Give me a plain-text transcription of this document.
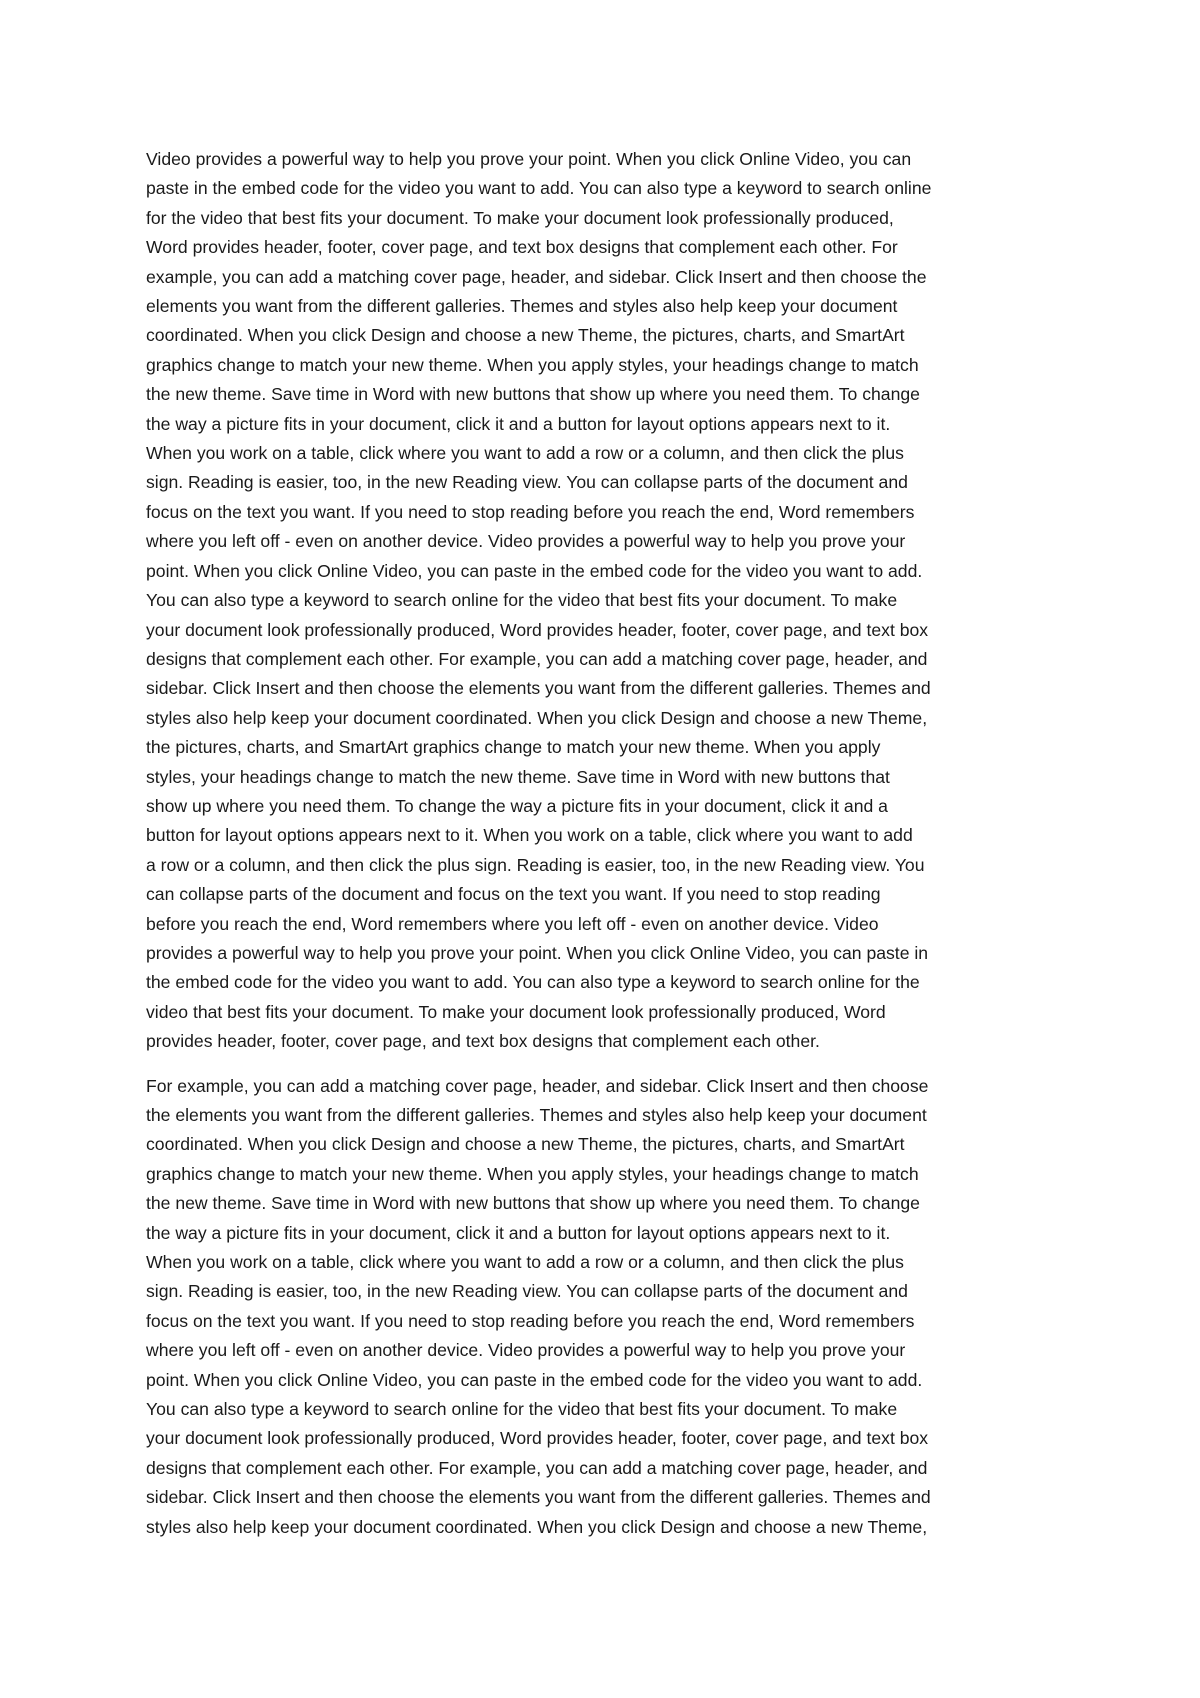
Video provides a powerful way to help you prove your point. When you click Online Video, you can
paste in the embed code for the video you want to add. You can also type a keyword to search online
for the video that best fits your document. To make your document look professionally produced,
Word provides header, footer, cover page, and text box designs that complement each other. For
example, you can add a matching cover page, header, and sidebar. Click Insert and then choose the
elements you want from the different galleries. Themes and styles also help keep your document
coordinated. When you click Design and choose a new Theme, the pictures, charts, and SmartArt
graphics change to match your new theme. When you apply styles, your headings change to match
the new theme. Save time in Word with new buttons that show up where you need them. To change
the way a picture fits in your document, click it and a button for layout options appears next to it.
When you work on a table, click where you want to add a row or a column, and then click the plus
sign. Reading is easier, too, in the new Reading view. You can collapse parts of the document and
focus on the text you want. If you need to stop reading before you reach the end, Word remembers
where you left off - even on another device. Video provides a powerful way to help you prove your
point. When you click Online Video, you can paste in the embed code for the video you want to add.
You can also type a keyword to search online for the video that best fits your document. To make
your document look professionally produced, Word provides header, footer, cover page, and text box
designs that complement each other. For example, you can add a matching cover page, header, and
sidebar. Click Insert and then choose the elements you want from the different galleries. Themes and
styles also help keep your document coordinated. When you click Design and choose a new Theme,
the pictures, charts, and SmartArt graphics change to match your new theme. When you apply
styles, your headings change to match the new theme. Save time in Word with new buttons that
show up where you need them. To change the way a picture fits in your document, click it and a
button for layout options appears next to it. When you work on a table, click where you want to add
a row or a column, and then click the plus sign. Reading is easier, too, in the new Reading view. You
can collapse parts of the document and focus on the text you want. If you need to stop reading
before you reach the end, Word remembers where you left off - even on another device. Video
provides a powerful way to help you prove your point. When you click Online Video, you can paste in
the embed code for the video you want to add. You can also type a keyword to search online for the
video that best fits your document. To make your document look professionally produced, Word
provides header, footer, cover page, and text box designs that complement each other.

For example, you can add a matching cover page, header, and sidebar. Click Insert and then choose
the elements you want from the different galleries. Themes and styles also help keep your document
coordinated. When you click Design and choose a new Theme, the pictures, charts, and SmartArt
graphics change to match your new theme. When you apply styles, your headings change to match
the new theme. Save time in Word with new buttons that show up where you need them. To change
the way a picture fits in your document, click it and a button for layout options appears next to it.
When you work on a table, click where you want to add a row or a column, and then click the plus
sign. Reading is easier, too, in the new Reading view. You can collapse parts of the document and
focus on the text you want. If you need to stop reading before you reach the end, Word remembers
where you left off - even on another device. Video provides a powerful way to help you prove your
point. When you click Online Video, you can paste in the embed code for the video you want to add.
You can also type a keyword to search online for the video that best fits your document. To make
your document look professionally produced, Word provides header, footer, cover page, and text box
designs that complement each other. For example, you can add a matching cover page, header, and
sidebar. Click Insert and then choose the elements you want from the different galleries. Themes and
styles also help keep your document coordinated. When you click Design and choose a new Theme,
